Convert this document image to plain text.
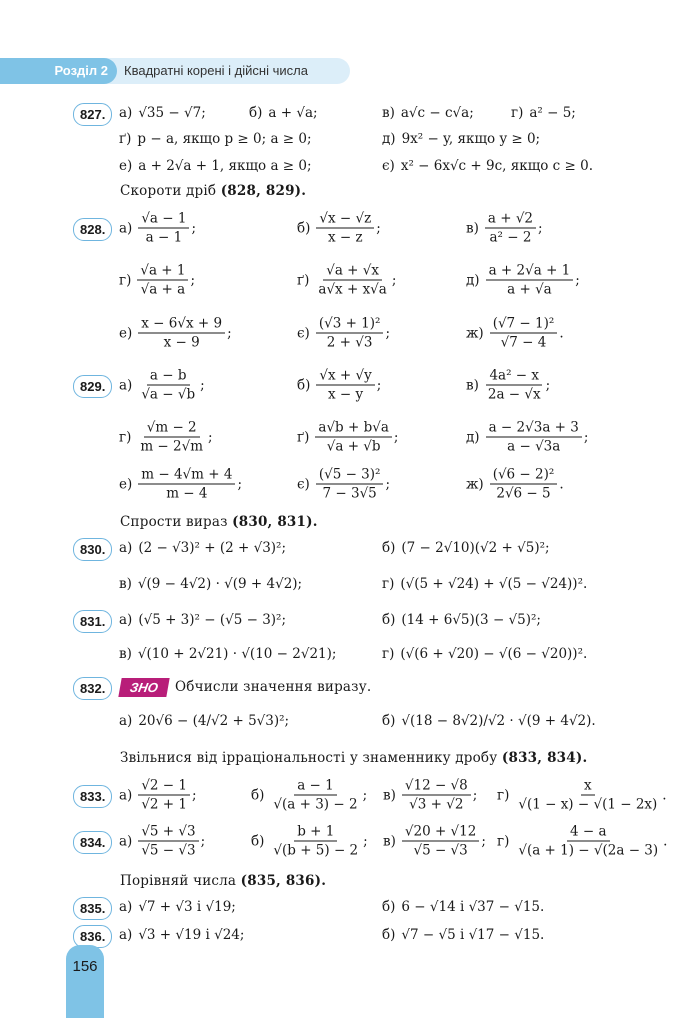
Розділ 2	Квадратні корені і дійсні числа
827.	а) √35 − √7;	б) a + √a;	в) a√c − c√a;	г) a² − 5;
ґ) p − a, якщо p ≥ 0; a ≥ 0;	д) 9x² − y, якщо y ≥ 0;
е) a + 2√a + 1, якщо a ≥ 0;	є) x² − 6x√c + 9c, якщо c ≥ 0.
828.	$а) \frac{√a - 1}{a - 1}$ ;	$б) \frac{√x - √z}{x - z}$ ;	$в) \frac{a + √2}{\text{a² − 2}}$ ;
$г) \frac{√a + 1}{√a + a}$ ;	$ґ) \frac{√a + √x}{a√x + x√a}$ ;	$д) \frac{a + 2√a + 1}{a + √a}$ ;
$е) \frac{x - 6√x + 9}{x - 9}$ ;	$є) \frac{\text{(√3 + 1)²}}{2 + √3}$ ;	$ж) \frac{\text{(√7 − 1)²}}{√7 - 4}$ .
829.	$а) \frac{a - b}{√a - √b}$ ;	$б) \frac{√x + √y}{x - y}$ ;	$в) \frac{\text{4a² − x}}{2a - √x}$ ;
$г) \frac{√m - 2}{m - 2√m}$ ;	$ґ) \frac{a√b + b√a}{√a + √b}$ ;	$д) \frac{a - 2√3a + 3}{a - √3a}$ ;
$е) \frac{m - 4√m + 4}{m - 4}$ ;	$є) \frac{\text{(√5 − 3)²}}{7 - 3√5}$ ;	$ж) \frac{\text{(√6 − 2)²}}{2√6 - 5}$ .
830.	а) (2 − √3)² + (2 + √3)²;	б) (7 − 2√10)(√2 + √5)²;
в) √(9 − 4√2) · √(9 + 4√2);	г) (√(5 + √24) + √(5 − √24))².
831.	а) (√5 + 3)² − (√5 − 3)²;	б) (14 + 6√5)(3 − √5)²;
в) √(10 + 2√21) · √(10 − 2√21);	г) (√(6 + √20) − √(6 − √20))².
832.
а) 20√6 − (4/√2 + 5√3)²;	б) √(18 − 8√2)/√2 · √(9 + 4√2).
833.	$а) \frac{√2 - 1}{√2 + 1}$ ;	$б) \frac{a - 1}{√(a + 3) - 2}$ ; $в) \frac{√12 - √8}{√3 + √2}$ ; $г) \frac{x}{√(1 - x) - √(1 - 2x)}$ .
834.	$а) \frac{√5 + √3}{√5 - √3}$ ;	$б) \frac{b + 1}{√(b + 5) - 2}$ ; $в) \frac{√20 + √12}{√5 - √3}$ ; $г) \frac{4 - a}{√(a + 1) - √(2a - 3)}$ .
835.	а) √7 + √3 і √19;	б) 6 − √14 і √37 − √15.
836.	а) √3 + √19 і √24;	б) √7 − √5 і √17 − √15.
Скороти дріб (828, 829).
Спрости вираз (830, 831).
ЗНО	Обчисли значення виразу.
Звільнися від ірраціональності у знаменнику дробу (833, 834).
Порівняй числа (835, 836).
156
